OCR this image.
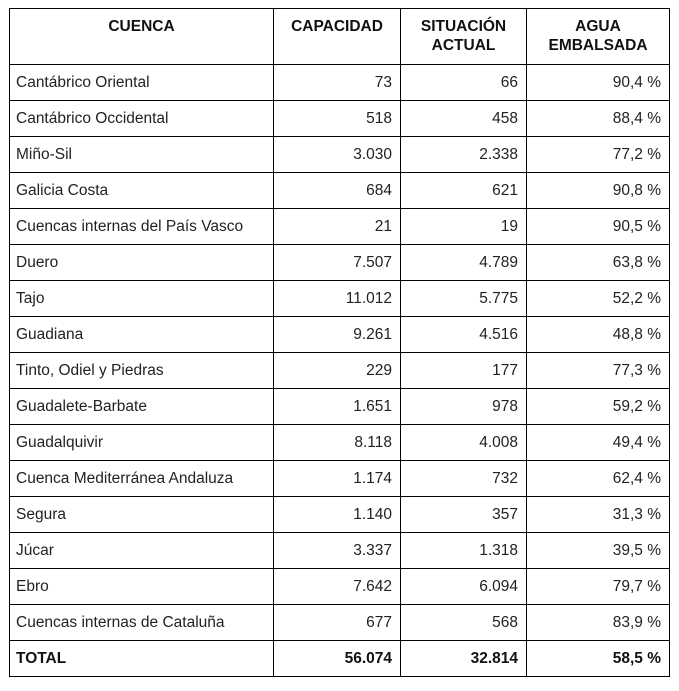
CUENCA	CAPACIDAD	SITUACIÓN ACTUAL	AGUA EMBALSADA
Cantábrico Oriental	73	66	90,4 %
Cantábrico Occidental	518	458	88,4 %
Miño-Sil	3.030	2.338	77,2 %
Galicia Costa	684	621	90,8 %
Cuencas internas del País Vasco	21	19	90,5 %
Duero	7.507	4.789	63,8 %
Tajo	11.012	5.775	52,2 %
Guadiana	9.261	4.516	48,8 %
Tinto, Odiel y Piedras	229	177	77,3 %
Guadalete-Barbate	1.651	978	59,2 %
Guadalquivir	8.118	4.008	49,4 %
Cuenca Mediterránea Andaluza	1.174	732	62,4 %
Segura	1.140	357	31,3 %
Júcar	3.337	1.318	39,5 %
Ebro	7.642	6.094	79,7 %
Cuencas internas de Cataluña	677	568	83,9 %
TOTAL	56.074	32.814	58,5 %
